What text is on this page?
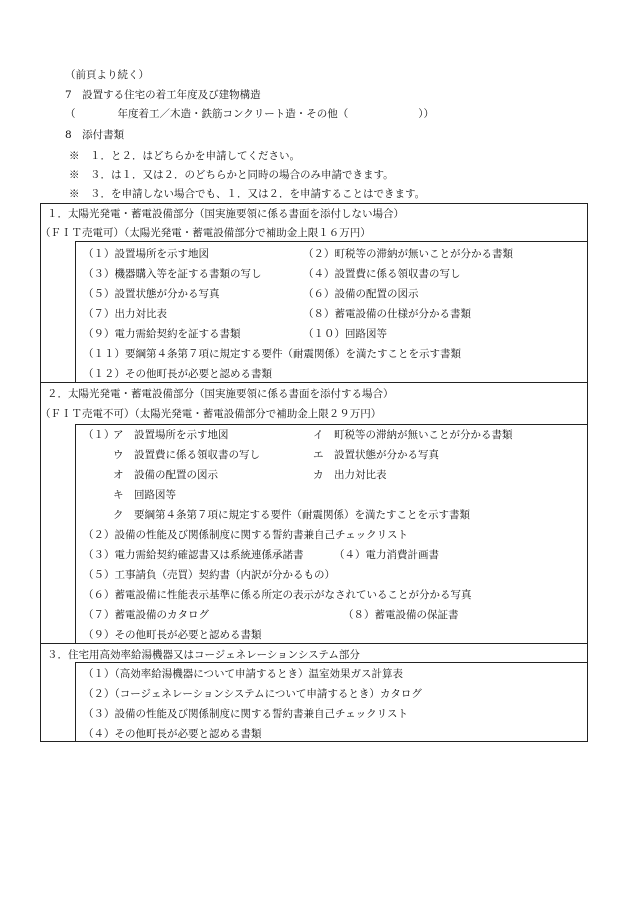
（前頁より続く）
7　設置する住宅の着工年度及び建物構造
（	年度着工／木造・鉄筋コンクリート造・その他（	））
8　添付書類
※　１．と２．はどちらかを申請してください。
※　３．は１．又は２．のどちらかと同時の場合のみ申請できます。
※　３．を申請しない場合でも、１．又は２．を申請することはできます。
１．太陽光発電・蓄電設備部分（国実施要領に係る書面を添付しない場合）
（ＦＩＴ売電可）（太陽光発電・蓄電設備部分で補助金上限１６万円）
（１）設置場所を示す地図	（２）町税等の滞納が無いことが分かる書類
（３）機器購入等を証する書類の写し	（４）設置費に係る領収書の写し
（５）設置状態が分かる写真	（６）設備の配置の図示
（７）出力対比表	（８）蓄電設備の仕様が分かる書類
（９）電力需給契約を証する書類	（１０）回路図等
（１１）要綱第４条第７項に規定する要件（耐震関係）を満たすことを示す書類
（１２）その他町長が必要と認める書類
２．太陽光発電・蓄電設備部分（国実施要領に係る書面を添付する場合）
（ＦＩＴ売電不可）（太陽光発電・蓄電設備部分で補助金上限２９万円）
（１）
ア　設置場所を示す地図	イ　町税等の滞納が無いことが分かる書類
ウ　設置費に係る領収書の写し	エ　設置状態が分かる写真
オ　設備の配置の図示	カ　出力対比表
キ　回路図等
ク　要綱第４条第７項に規定する要件（耐震関係）を満たすことを示す書類
（２）設備の性能及び関係制度に関する誓約書兼自己チェックリスト
（３）電力需給契約確認書又は系統連係承諾書	（４）電力消費計画書
（５）工事請負（売買）契約書（内訳が分かるもの）
（６）蓄電設備に性能表示基準に係る所定の表示がなされていることが分かる写真
（７）蓄電設備のカタログ	（８）蓄電設備の保証書
（９）その他町長が必要と認める書類
３．住宅用高効率給湯機器又はコージェネレーションシステム部分
（１）（高効率給湯機器について申請するとき）温室効果ガス計算表
（２）（コージェネレーションシステムについて申請するとき）カタログ
（３）設備の性能及び関係制度に関する誓約書兼自己チェックリスト
（４）その他町長が必要と認める書類
